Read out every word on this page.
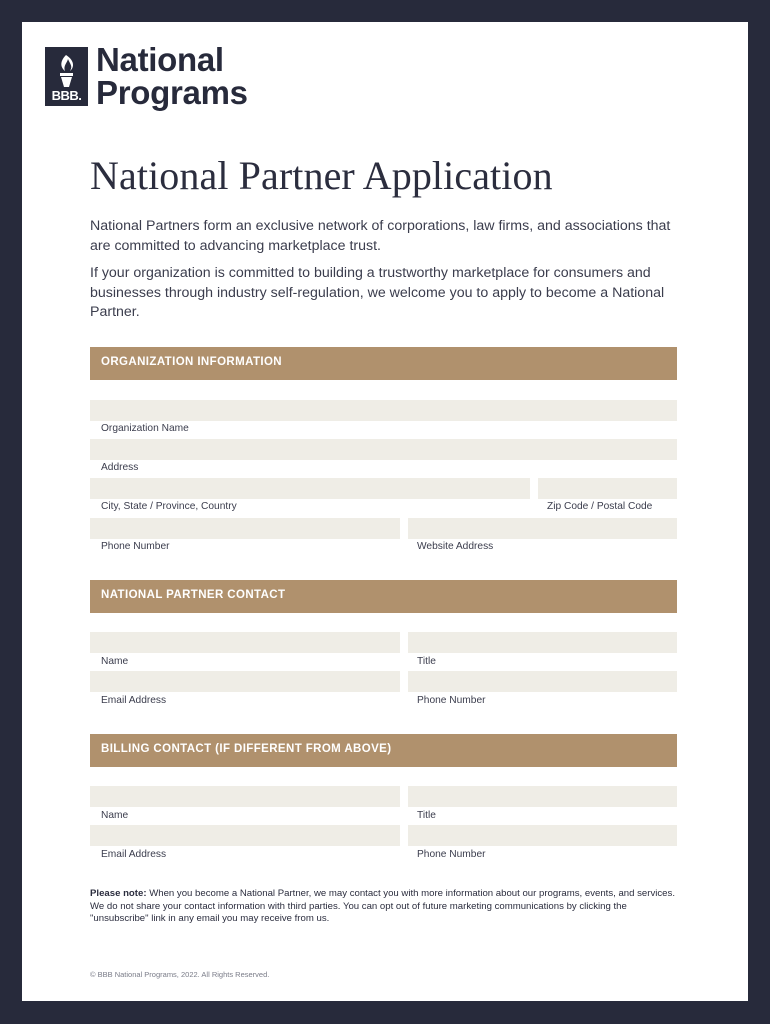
BBB.
National
Programs
National Partner Application

National Partners form an exclusive network of corporations, law firms, and associations that are committed to advancing marketplace trust.

If your organization is committed to building a trustworthy marketplace for consumers and businesses through industry self-regulation, we welcome you to apply to become a National Partner.

ORGANIZATION INFORMATION
Organization Name
Address
City, State / Province, Country	Zip Code / Postal Code
Phone Number	Website Address
NATIONAL PARTNER CONTACT
Name	Title
Email Address	Phone Number
BILLING CONTACT (IF DIFFERENT FROM ABOVE)
Name	Title
Email Address	Phone Number

Please note: When you become a National Partner, we may contact you with more information about our programs, events, and services. We do not share your contact information with third parties. You can opt out of future marketing communications by clicking the "unsubscribe" link in any email you may receive from us.

© BBB National Programs, 2022. All Rights Reserved.
